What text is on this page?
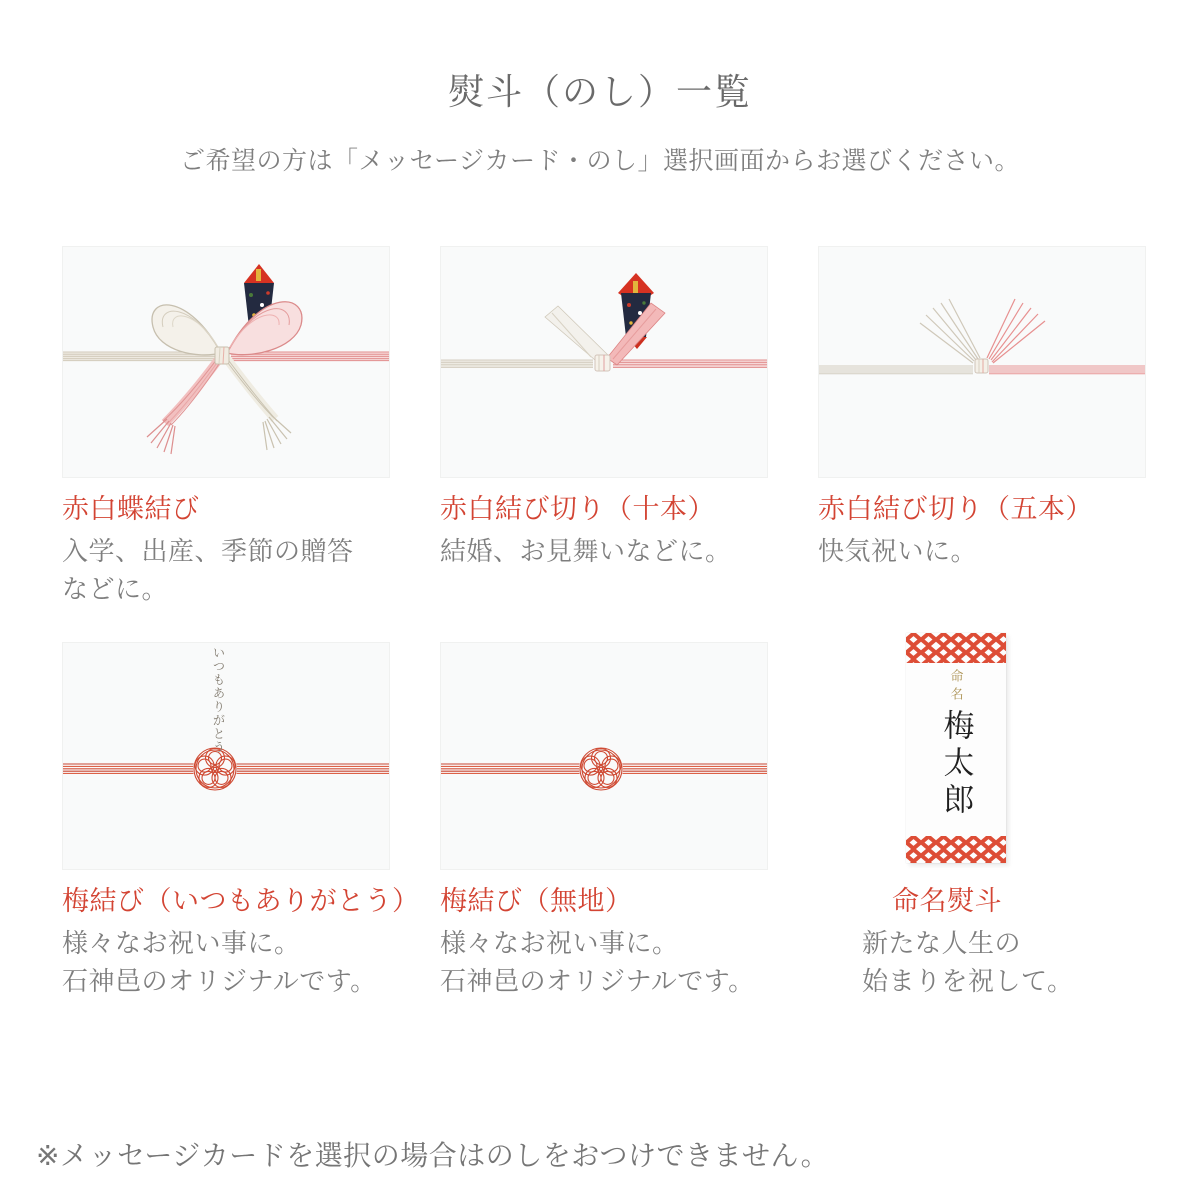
熨斗（のし）一覧

ご希望の方は「メッセージカード・のし」選択画面からお選びください。

赤白蝶結び
入学、出産、季節の贈答
などに。
赤白結び切り（十本）
結婚、お見舞いなどに。
赤白結び切り（五本）
快気祝いに。
いつもありがとう
梅結び（いつもありがとう）
様々なお祝い事に。
石神邑のオリジナルです。
梅結び（無地）
様々なお祝い事に。
石神邑のオリジナルです。
命名
梅太郎
命名熨斗
新たな人生の
始まりを祝して。

※メッセージカードを選択の場合はのしをおつけできません。
